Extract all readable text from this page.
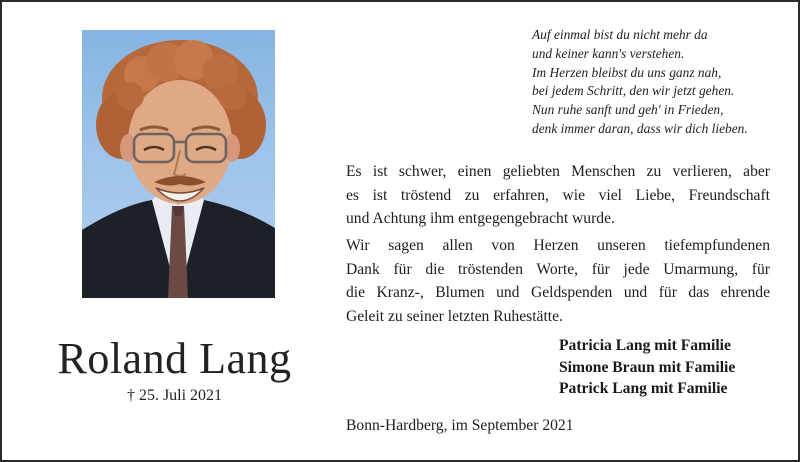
Roland Lang
† 25. Juli 2021
Auf einmal bist du nicht mehr da
und keiner kann's verstehen.
Im Herzen bleibst du uns ganz nah,
bei jedem Schritt, den wir jetzt gehen.
Nun ruhe sanft und geh' in Frieden,
denk immer daran, dass wir dich lieben.
Es ist schwer, einen geliebten Menschen zu verlieren, aber
es ist tröstend zu erfahren, wie viel Liebe, Freundschaft
und Achtung ihm entgegengebracht wurde.
Wir sagen allen von Herzen unseren tiefempfundenen
Dank für die tröstenden Worte, für jede Umarmung, für
die Kranz-, Blumen und Geldspenden und für das ehrende
Geleit zu seiner letzten Ruhestätte.
Patricia Lang mit Familie
Simone Braun mit Familie
Patrick Lang mit Familie
Bonn-Hardberg, im September 2021
